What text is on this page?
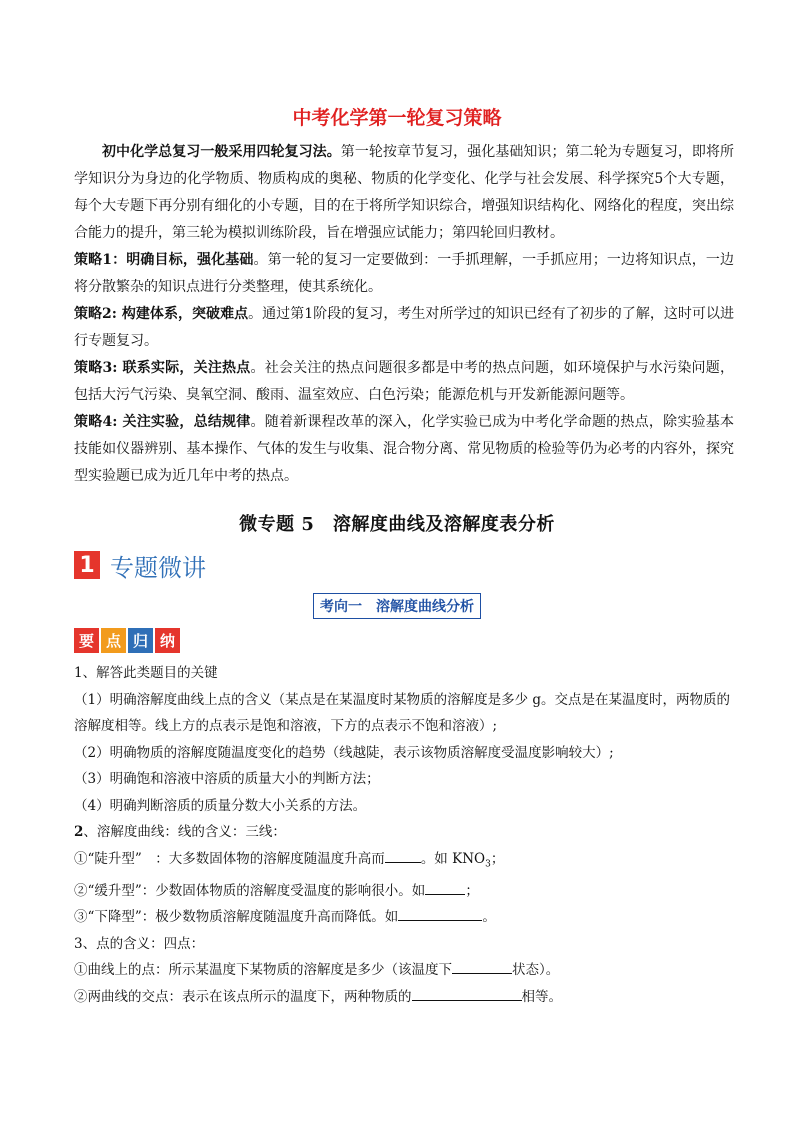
中考化学第一轮复习策略

初中化学总复习一般采用四轮复习法。第一轮按章节复习，强化基础知识；第二轮为专题复习，即将所学知识分为身边的化学物质、物质构成的奥秘、物质的化学变化、化学与社会发展、科学探究5个大专题，每个大专题下再分别有细化的小专题，目的在于将所学知识综合，增强知识结构化、网络化的程度，突出综合能力的提升，第三轮为模拟训练阶段，旨在增强应试能力；第四轮回归教材。

策略1：明确目标，强化基础。第一轮的复习一定要做到：一手抓理解，一手抓应用；一边将知识点，一边将分散繁杂的知识点进行分类整理，使其系统化。

策略2: 构建体系，突破难点。通过第1阶段的复习，考生对所学过的知识已经有了初步的了解，这时可以进行专题复习。

策略3: 联系实际，关注热点。社会关注的热点问题很多都是中考的热点问题，如环境保护与水污染问题，包括大污气污染、臭氧空洞、酸雨、温室效应、白色污染；能源危机与开发新能源问题等。

策略4: 关注实验，总结规律。随着新课程改革的深入，化学实验已成为中考化学命题的热点，除实验基本技能如仪器辨别、基本操作、气体的发生与收集、混合物分离、常见物质的检验等仍为必考的内容外，探究型实验题已成为近几年中考的热点。

微专题 5　溶解度曲线及溶解度表分析
1 专题微讲
考向一　溶解度曲线分析
要 点 归 纳

1、解答此类题目的关键

（1）明确溶解度曲线上点的含义（某点是在某温度时某物质的溶解度是多少 g。交点是在某温度时，两物质的溶解度相等。线上方的点表示是饱和溶液，下方的点表示不饱和溶液）;

（2）明确物质的溶解度随温度变化的趋势（线越陡，表示该物质溶解度受温度影响较大）;

（3）明确饱和溶液中溶质的质量大小的判断方法；

（4）明确判断溶质的质量分数大小关系的方法。

2、溶解度曲线：线的含义：三线：

①“陡升型”　：大多数固体物的溶解度随温度升高而	。如 $KNO_3$；

②“缓升型”：少数固体物质的溶解度受温度的影响很小。如	；

③“下降型”：极少数物质溶解度随温度升高而降低。如	。

3、点的含义：四点：

①曲线上的点：所示某温度下某物质的溶解度是多少（该温度下	状态）。

②两曲线的交点：表示在该点所示的温度下，两种物质的	相等。
